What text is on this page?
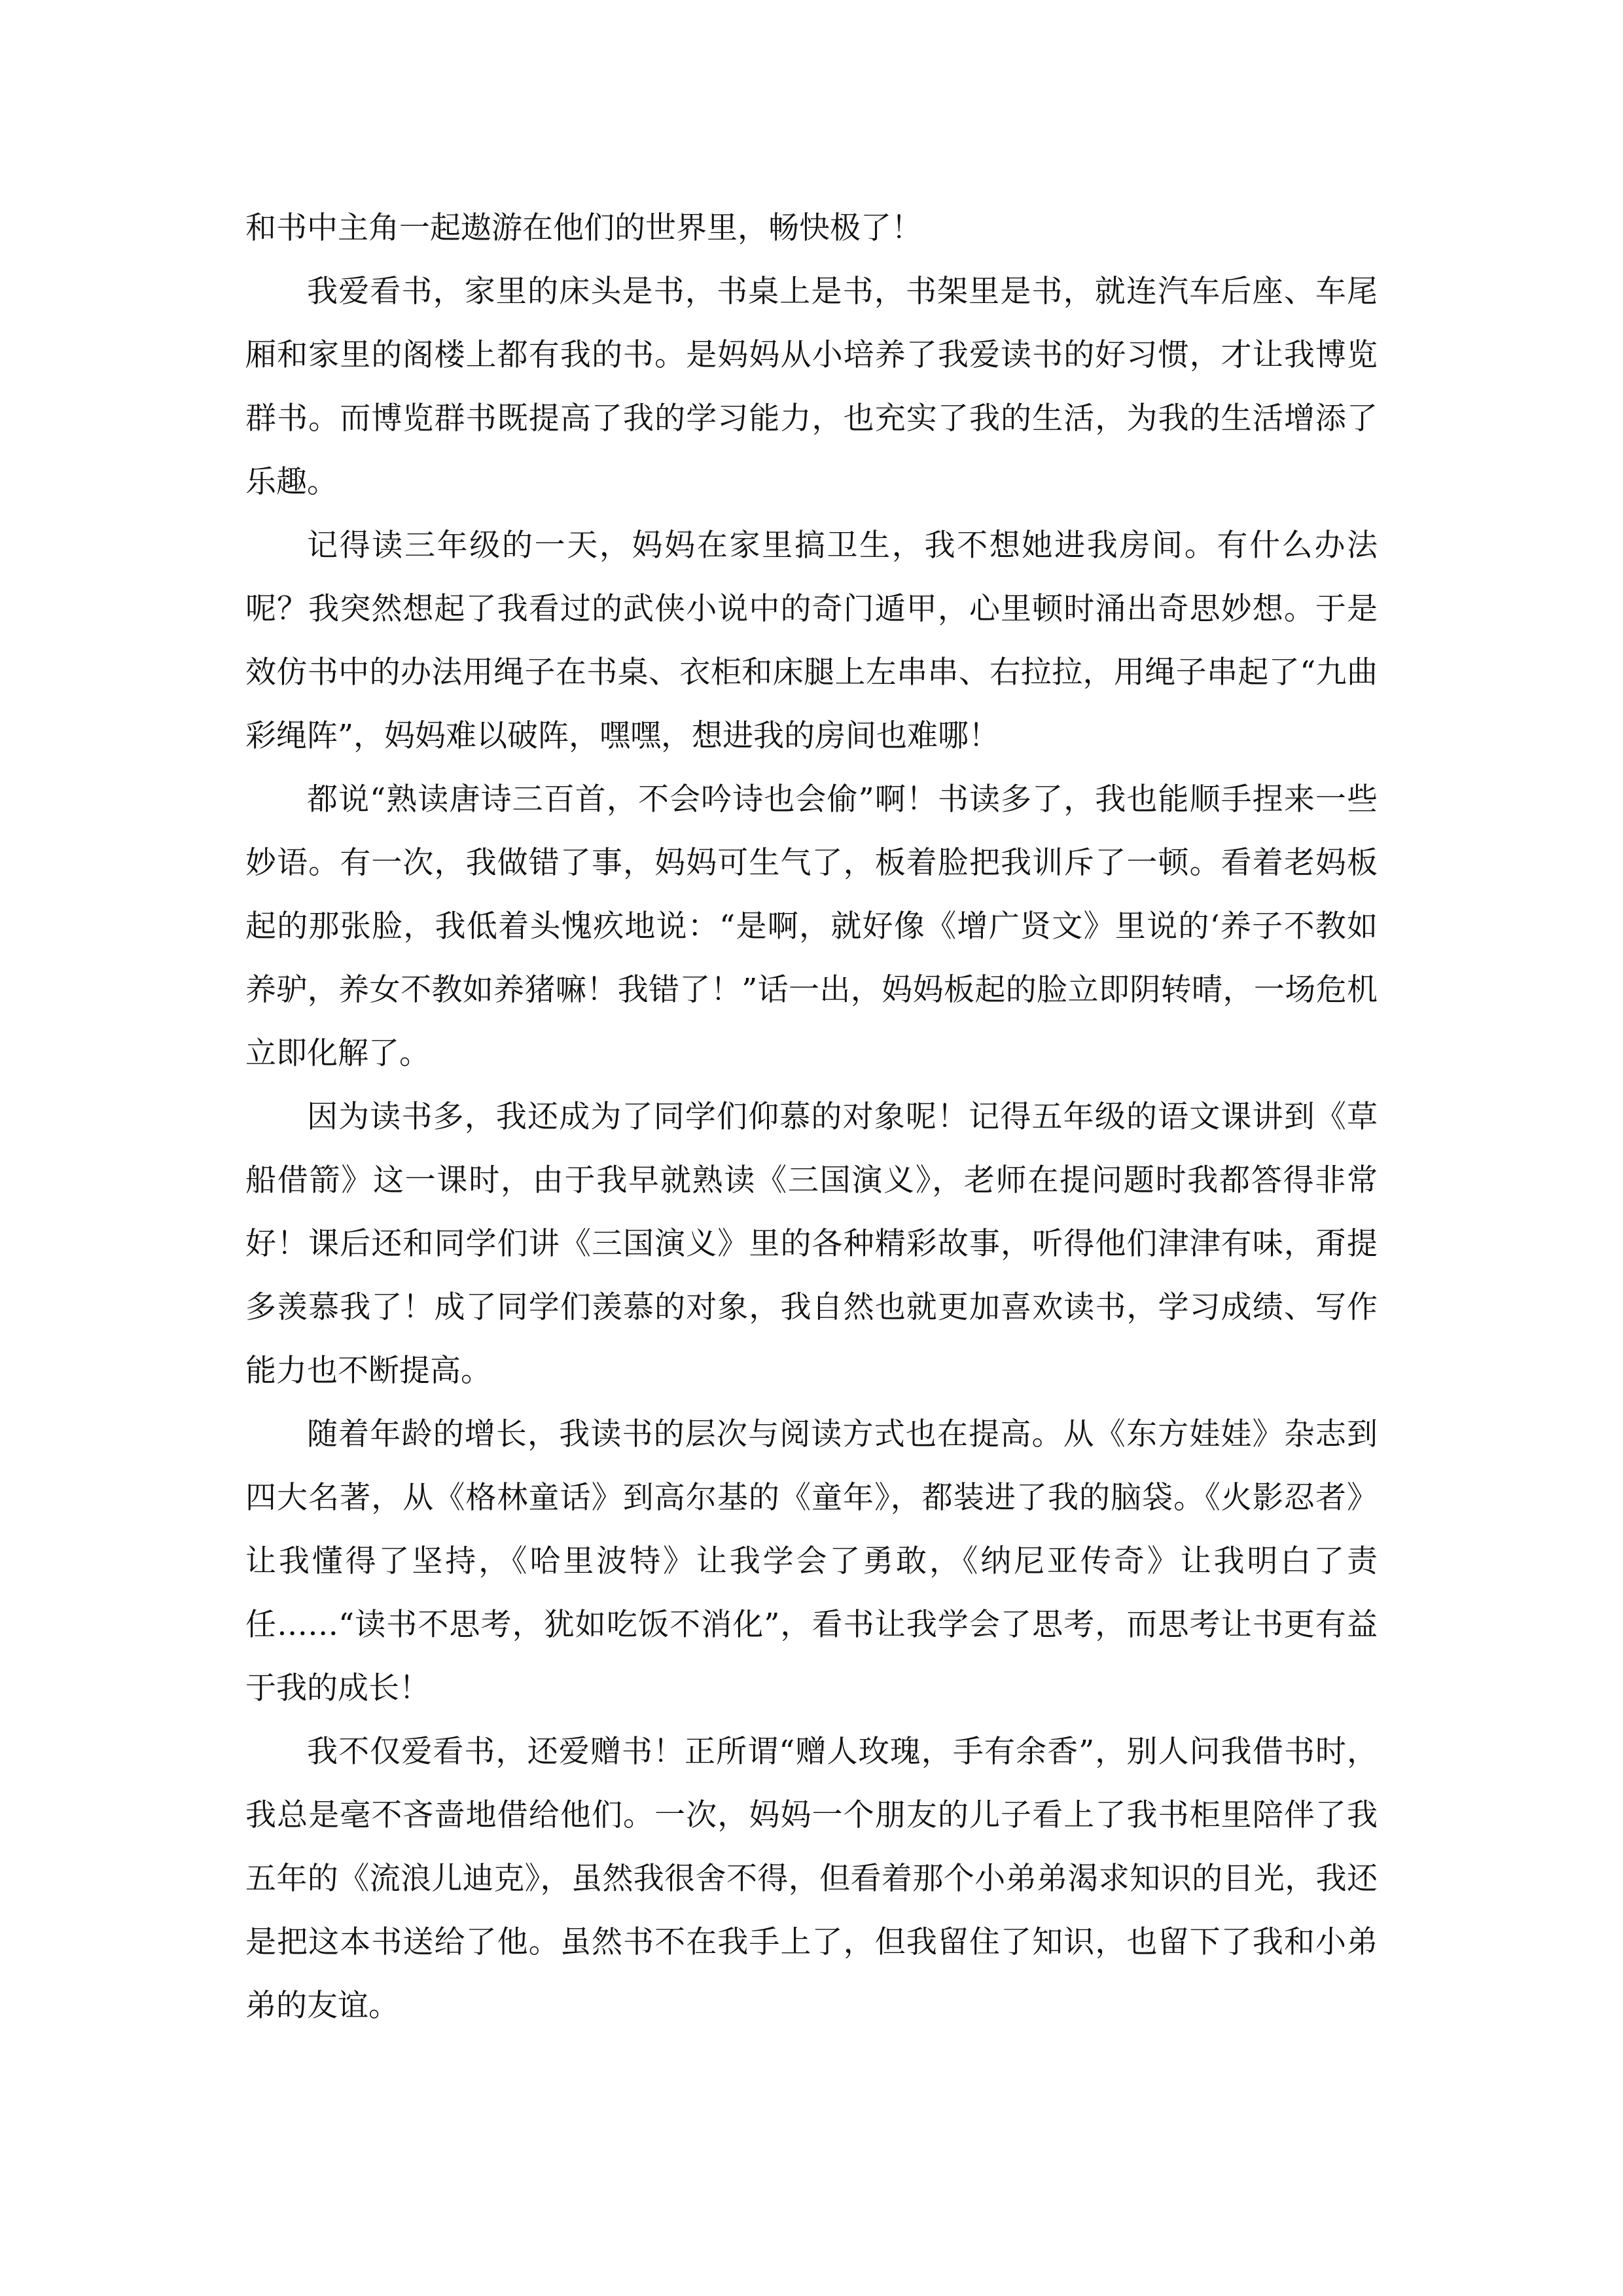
和书中主角一起遨游在他们的世界里，畅快极了！

我爱看书，家里的床头是书，书桌上是书，书架里是书，就连汽车后座、车尾厢和家里的阁楼上都有我的书。是妈妈从小培养了我爱读书的好习惯，才让我博览群书。而博览群书既提高了我的学习能力，也充实了我的生活，为我的生活增添了乐趣。

记得读三年级的一天，妈妈在家里搞卫生，我不想她进我房间。有什么办法呢？我突然想起了我看过的武侠小说中的奇门遁甲，心里顿时涌出奇思妙想。于是效仿书中的办法用绳子在书桌、衣柜和床腿上左串串、右拉拉，用绳子串起了“九曲彩绳阵”，妈妈难以破阵，嘿嘿，想进我的房间也难哪！

都说“熟读唐诗三百首，不会吟诗也会偷”啊！书读多了，我也能顺手捏来一些妙语。有一次，我做错了事，妈妈可生气了，板着脸把我训斥了一顿。看着老妈板起的那张脸，我低着头愧疚地说：“是啊，就好像《增广贤文》里说的‘养子不教如养驴，养女不教如养猪嘛！我错了！”话一出，妈妈板起的脸立即阴转晴，一场危机立即化解了。

因为读书多，我还成为了同学们仰慕的对象呢！记得五年级的语文课讲到《草船借箭》这一课时，由于我早就熟读《三国演义》，老师在提问题时我都答得非常好！课后还和同学们讲《三国演义》里的各种精彩故事，听得他们津津有味，甭提多羡慕我了！成了同学们羡慕的对象，我自然也就更加喜欢读书，学习成绩、写作能力也不断提高。

随着年龄的增长，我读书的层次与阅读方式也在提高。从《东方娃娃》杂志到四大名著，从《格林童话》到高尔基的《童年》，都装进了我的脑袋。《火影忍者》让我懂得了坚持，《哈里波特》让我学会了勇敢，《纳尼亚传奇》让我明白了责任……“读书不思考，犹如吃饭不消化”，看书让我学会了思考，而思考让书更有益于我的成长！

我不仅爱看书，还爱赠书！正所谓“赠人玫瑰，手有余香”，别人问我借书时，我总是毫不吝啬地借给他们。一次，妈妈一个朋友的儿子看上了我书柜里陪伴了我五年的《流浪儿迪克》，虽然我很舍不得，但看着那个小弟弟渴求知识的目光，我还是把这本书送给了他。虽然书不在我手上了，但我留住了知识，也留下了我和小弟弟的友谊。
